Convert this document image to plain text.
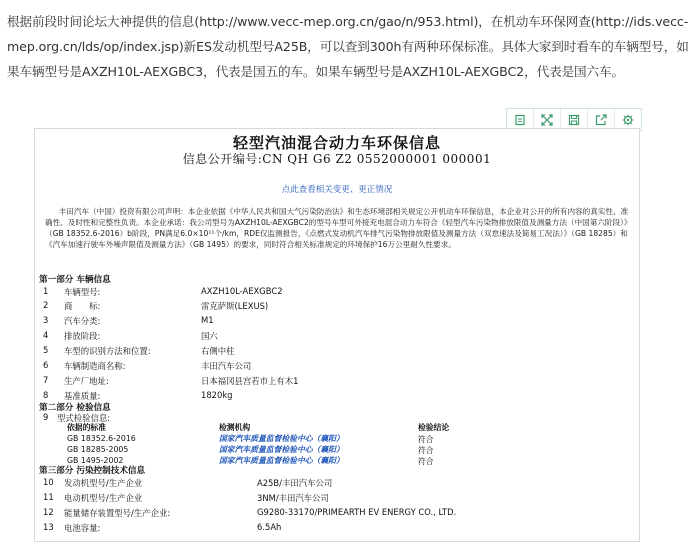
根据前段时间论坛大神提供的信息(http://www.vecc-mep.org.cn/gao/n/953.html)，在机动车环保网查(http://ids.vecc-mep.org.cn/lds/op/index.jsp)新ES发动机型号A25B，可以查到300h有两种环保标准。具体大家到时看车的车辆型号，如果车辆型号是AXZH10L-AEXGBC3，代表是国五的车。如果车辆型号是AXZH10L-AEXGBC2，代表是国六车。
轻型汽油混合动力车环保信息
信息公开编号:CN QH G6 Z2 0552000001 000001
点此查看相关变更、更正情况
丰田汽车（中国）投资有限公司声明：本企业依据《中华人民共和国大气污染防治法》和生态环境部相关规定公开机动车环保信息，本企业对公开的所有内容的真实性、准确性、及时性和完整性负责。本企业承诺：我公司型号为AXZH10L-AEXGBC2的型号车型可外接充电混合动力车符合《轻型汽车污染物排放限值及测量方法（中国第六阶段）》（GB 18352.6-2016）b阶段，PN满足6.0×10¹¹个/km，RDE仅监测报告，《点燃式发动机汽车排气污染物排放限值及测量方法（双怠速法及简易工况法）》（GB 18285）和《汽车加速行驶车外噪声限值及测量方法》（GB 1495）的要求，同时符合相关标准规定的环境保护16万公里耐久性要求。
第一部分 车辆信息
1	车辆型号:	AXZH10L-AEXGBC2
2	商　　标:	雷克萨斯(LEXUS)
3	汽车分类:	M1
4	排放阶段:	国六
5	车型的识别方法和位置:	右侧中柱
6	车辆制造商名称:	丰田汽车公司
7	生产厂地址:	日本福冈县宫若市上有木1
8	基准质量:	1820kg
第二部分 检验信息
9	型式检验信息:
依据的标准	检测机构	检验结论
GB 18352.6-2016	国家汽车质量监督检验中心（襄阳）	符合
GB 18285-2005	国家汽车质量监督检验中心（襄阳）	符合
GB 1495-2002	国家汽车质量监督检验中心（襄阳）	符合
第三部分 污染控制技术信息
10 发动机型号/生产企业	A25B/丰田汽车公司
11 电动机型号/生产企业	3NM/丰田汽车公司
12 能量储存装置型号/生产企业:	G9280-33170/PRIMEARTH EV ENERGY CO., LTD.
13 电池容量:	6.5Ah
